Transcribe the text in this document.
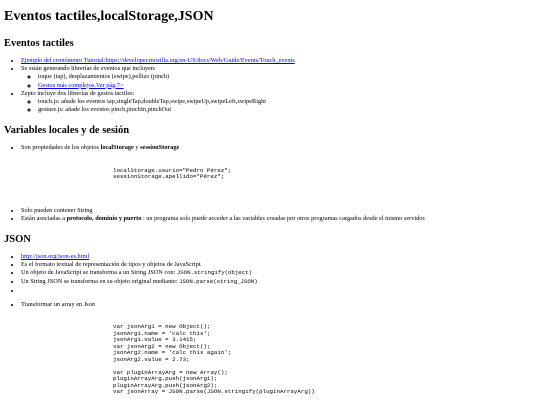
Eventos tactiles,localStorage,JSON
Eventos tactiles
• Ejemplo del cronómetro Tutorial:https://developer.mozilla.org/en-US/docs/Web/Guide/Events/Touch_events
• Se están generando librerías de eventos que incluyen:
◦ toque (tap), desplazamientos (swipe),pellizo (pinch)
◦ Gestos más complejos.Ver pág.7>
• Zepto incluye dos librerías de gestos tactiles:
◦ touch.js: añade los eventos tap,singleTap,doubleTap,swipe,swipeUp,swipeLeft,swipeRight
◦ gesture.js: añade los eventos pinch,pinchIn,pinchOut
Variables locales y de sesión
• Son propiedades de los objetos localStorage y sessionStorage
localStorage.usurio="Pedro Pérez";
sessionStorage.apellido="Pérez";
• Solo pueden contener String
• Están asociadas a protocolo, dominio y puerto : un programa solo puede acceder a las variables creadas por otros programas cargados desde el mismo servidor.
JSON
• http://json.org/json-es.html
• Es el formato textual de representación de tipos y objetos de JavaScript
• Un objeto de JavaScript se transforma a un String JSON con: JSON.stringify(object)
• Un String JSON se transforma en su objeto original mediante: JSON.parse(string_JSON)
•
• Transformar un array en Json
var jsonArg1 = new Object();
jsonArg1.name = 'calc this';
jsonArg1.value = 3.1415;
var jsonArg2 = new Object();
jsonArg2.name = 'calc this again';
jsonArg2.value = 2.73;

var pluginArrayArg = new Array();
pluginArrayArg.push(jsonArg1);
pluginArrayArg.push(jsonArg2);
var jsonArray = JSON.parse(JSON.stringify(pluginArrayArg))
